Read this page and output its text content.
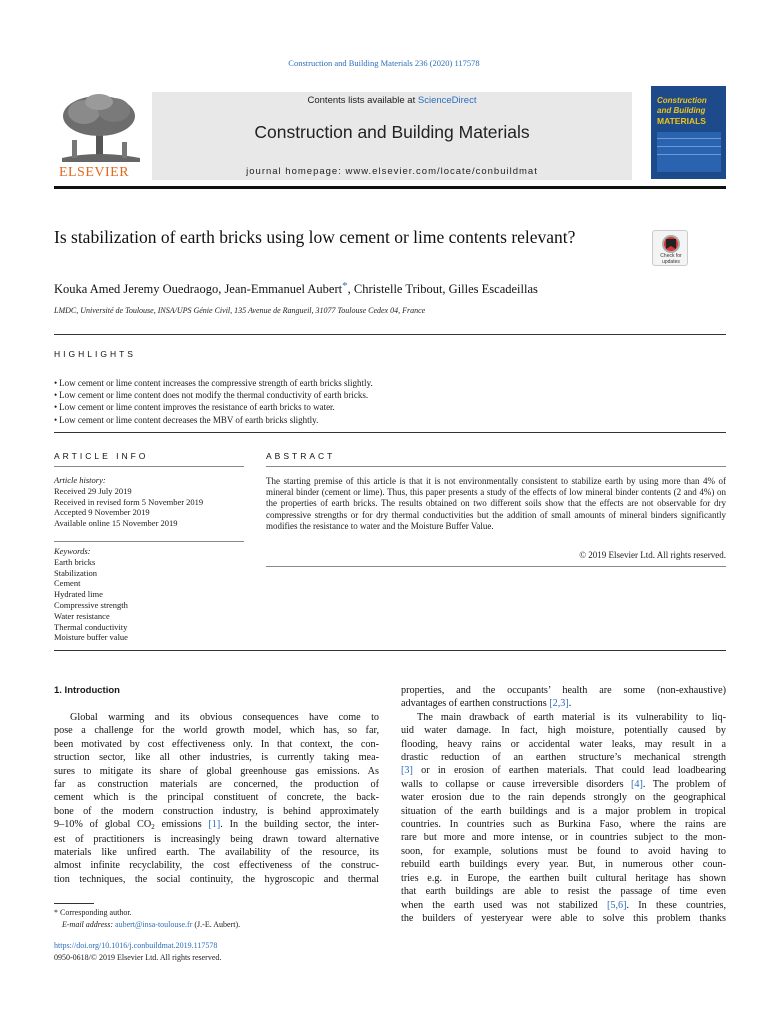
Construction and Building Materials 236 (2020) 117578
ELSEVIER
Contents lists available at ScienceDirect
Construction and Building Materials
journal homepage: www.elsevier.com/locate/conbuildmat
Construction
and Building
MATERIALS
Is stabilization of earth bricks using low cement or lime contents relevant?
Check for updates
Kouka Amed Jeremy Ouedraogo, Jean-Emmanuel Aubert*, Christelle Tribout, Gilles Escadeillas
LMDC, Université de Toulouse, INSA/UPS Génie Civil, 135 Avenue de Rangueil, 31077 Toulouse Cedex 04, France
HIGHLIGHTS
• Low cement or lime content increases the compressive strength of earth bricks slightly.
• Low cement or lime content does not modify the thermal conductivity of earth bricks.
• Low cement or lime content improves the resistance of earth bricks to water.
• Low cement or lime content decreases the MBV of earth bricks slightly.
ARTICLE INFO
Article history:
Received 29 July 2019
Received in revised form 5 November 2019
Accepted 9 November 2019
Available online 15 November 2019
Keywords:
Earth bricks
Stabilization
Cement
Hydrated lime
Compressive strength
Water resistance
Thermal conductivity
Moisture buffer value
ABSTRACT
The starting premise of this article is that it is not environmentally consistent to stabilize earth by using more than 4% of mineral binder (cement or lime). Thus, this paper presents a study of the effects of low mineral binder contents (2 and 4%) on the properties of earth bricks. The results obtained on two different soils show that the effects are not observable for dry compressive strengths or for dry thermal conductivities but the addition of small amounts of mineral binders significantly modifies the resistance to water and the Moisture Buffer Value.
© 2019 Elsevier Ltd. All rights reserved.
1. Introduction
Global warming and its obvious consequences have come to
pose a challenge for the world growth model, which has, so far,
been motivated by cost effectiveness only. In that context, the con-
struction sector, like all other industries, is currently taking mea-
sures to mitigate its share of global greenhouse gas emissions. As
far as construction materials are concerned, the production of
cement which is the principal constituent of concrete, the back-
bone of the modern construction industry, is behind approximately
9–10% of global $CO_2$ emissions [1]. In the building sector, the inter-
est of practitioners is increasingly being drawn toward alternative
materials like unfired earth. The availability of the resource, its
almost infinite recyclability, the cost effectiveness of the construc-
tion techniques, the social continuity, the hygroscopic and thermal
properties, and the occupants’ health are some (non-exhaustive)
advantages of earthen constructions [2,3].
The main drawback of earth material is its vulnerability to liq-
uid water damage. In fact, high moisture, potentially caused by
flooding, heavy rains or accidental water leaks, may result in a
drastic reduction of an earthen structure’s mechanical strength
[3] or in erosion of earthen materials. That could lead loadbearing
walls to collapse or cause irreversible disorders [4]. The problem of
water erosion due to the rain depends strongly on the geographical
situation of the earth buildings and is a major problem in tropical
countries. In countries such as Burkina Faso, where the rains are
rare but more and more intense, or in countries subject to the mon-
soon, for example, solutions must be found to avoid having to
rebuild earth buildings every year. But, in numerous other coun-
tries e.g. in Europe, the earthen built cultural heritage has shown
that earth buildings are able to resist the passage of time even
when the earth used was not stabilized [5,6]. In these countries,
the builders of yesteryear were able to solve this problem thanks
* Corresponding author.
E-mail address: aubert@insa-toulouse.fr (J.-E. Aubert).
https://doi.org/10.1016/j.conbuildmat.2019.117578
0950-0618/© 2019 Elsevier Ltd. All rights reserved.
